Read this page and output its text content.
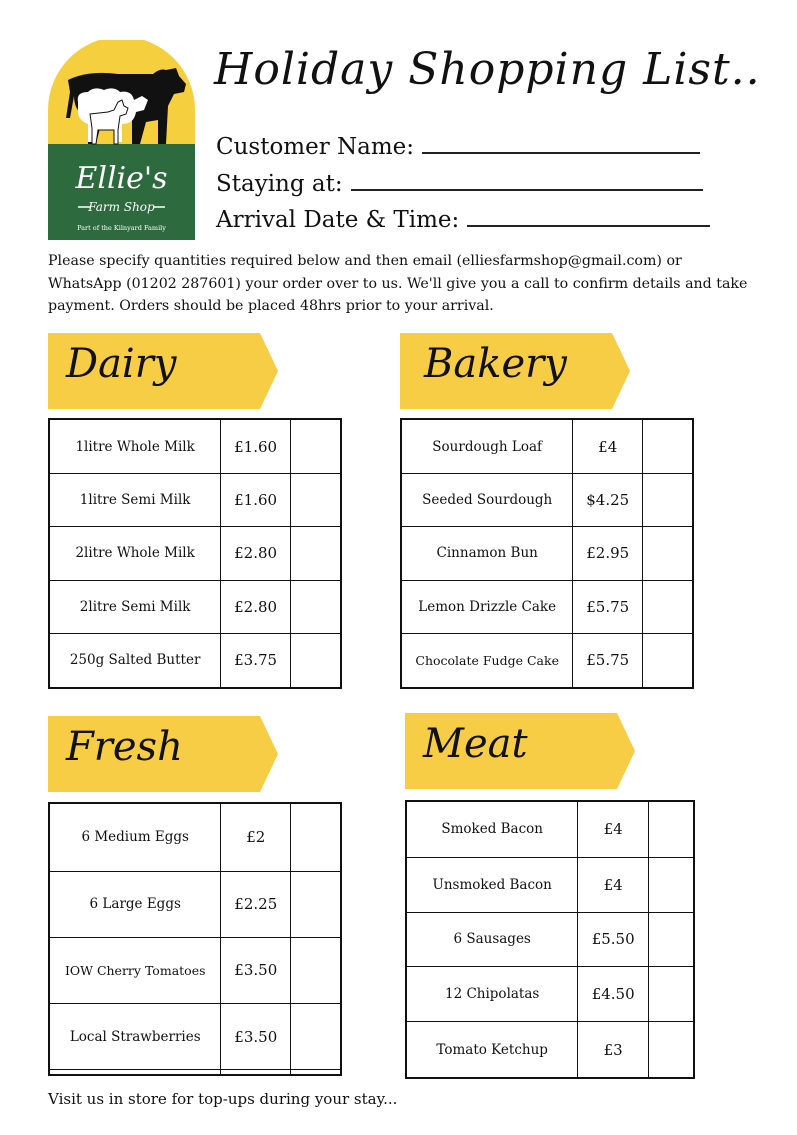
Ellie's
Farm Shop
Part of the Kilnyard Family
Holiday Shopping List..
Customer Name:
Staying at:
Arrival Date & Time:
Please specify quantities required below and then email (elliesfarmshop@gmail.com) or WhatsApp (01202 287601) your order over to us. We'll give you a call to confirm details and take payment. Orders should be placed 48hrs prior to your arrival.
Dairy	Bakery
Fresh	Meat
1litre Whole Milk	£1.60	
1litre Semi Milk	£1.60	
2litre Whole Milk	£2.80	
2litre Semi Milk	£2.80	
250g Salted Butter	£3.75	
Sourdough Loaf	£4	
Seeded Sourdough	$4.25	
Cinnamon Bun	£2.95	
Lemon Drizzle Cake	£5.75	
Chocolate Fudge Cake	£5.75	
6 Medium Eggs	£2	
6 Large Eggs	£2.25	
IOW Cherry Tomatoes	£3.50	
Local Strawberries	£3.50	

Smoked Bacon	£4	
Unsmoked Bacon	£4	
6 Sausages	£5.50	
12 Chipolatas	£4.50	
Tomato Ketchup	£3	
Visit us in store for top-ups during your stay...
